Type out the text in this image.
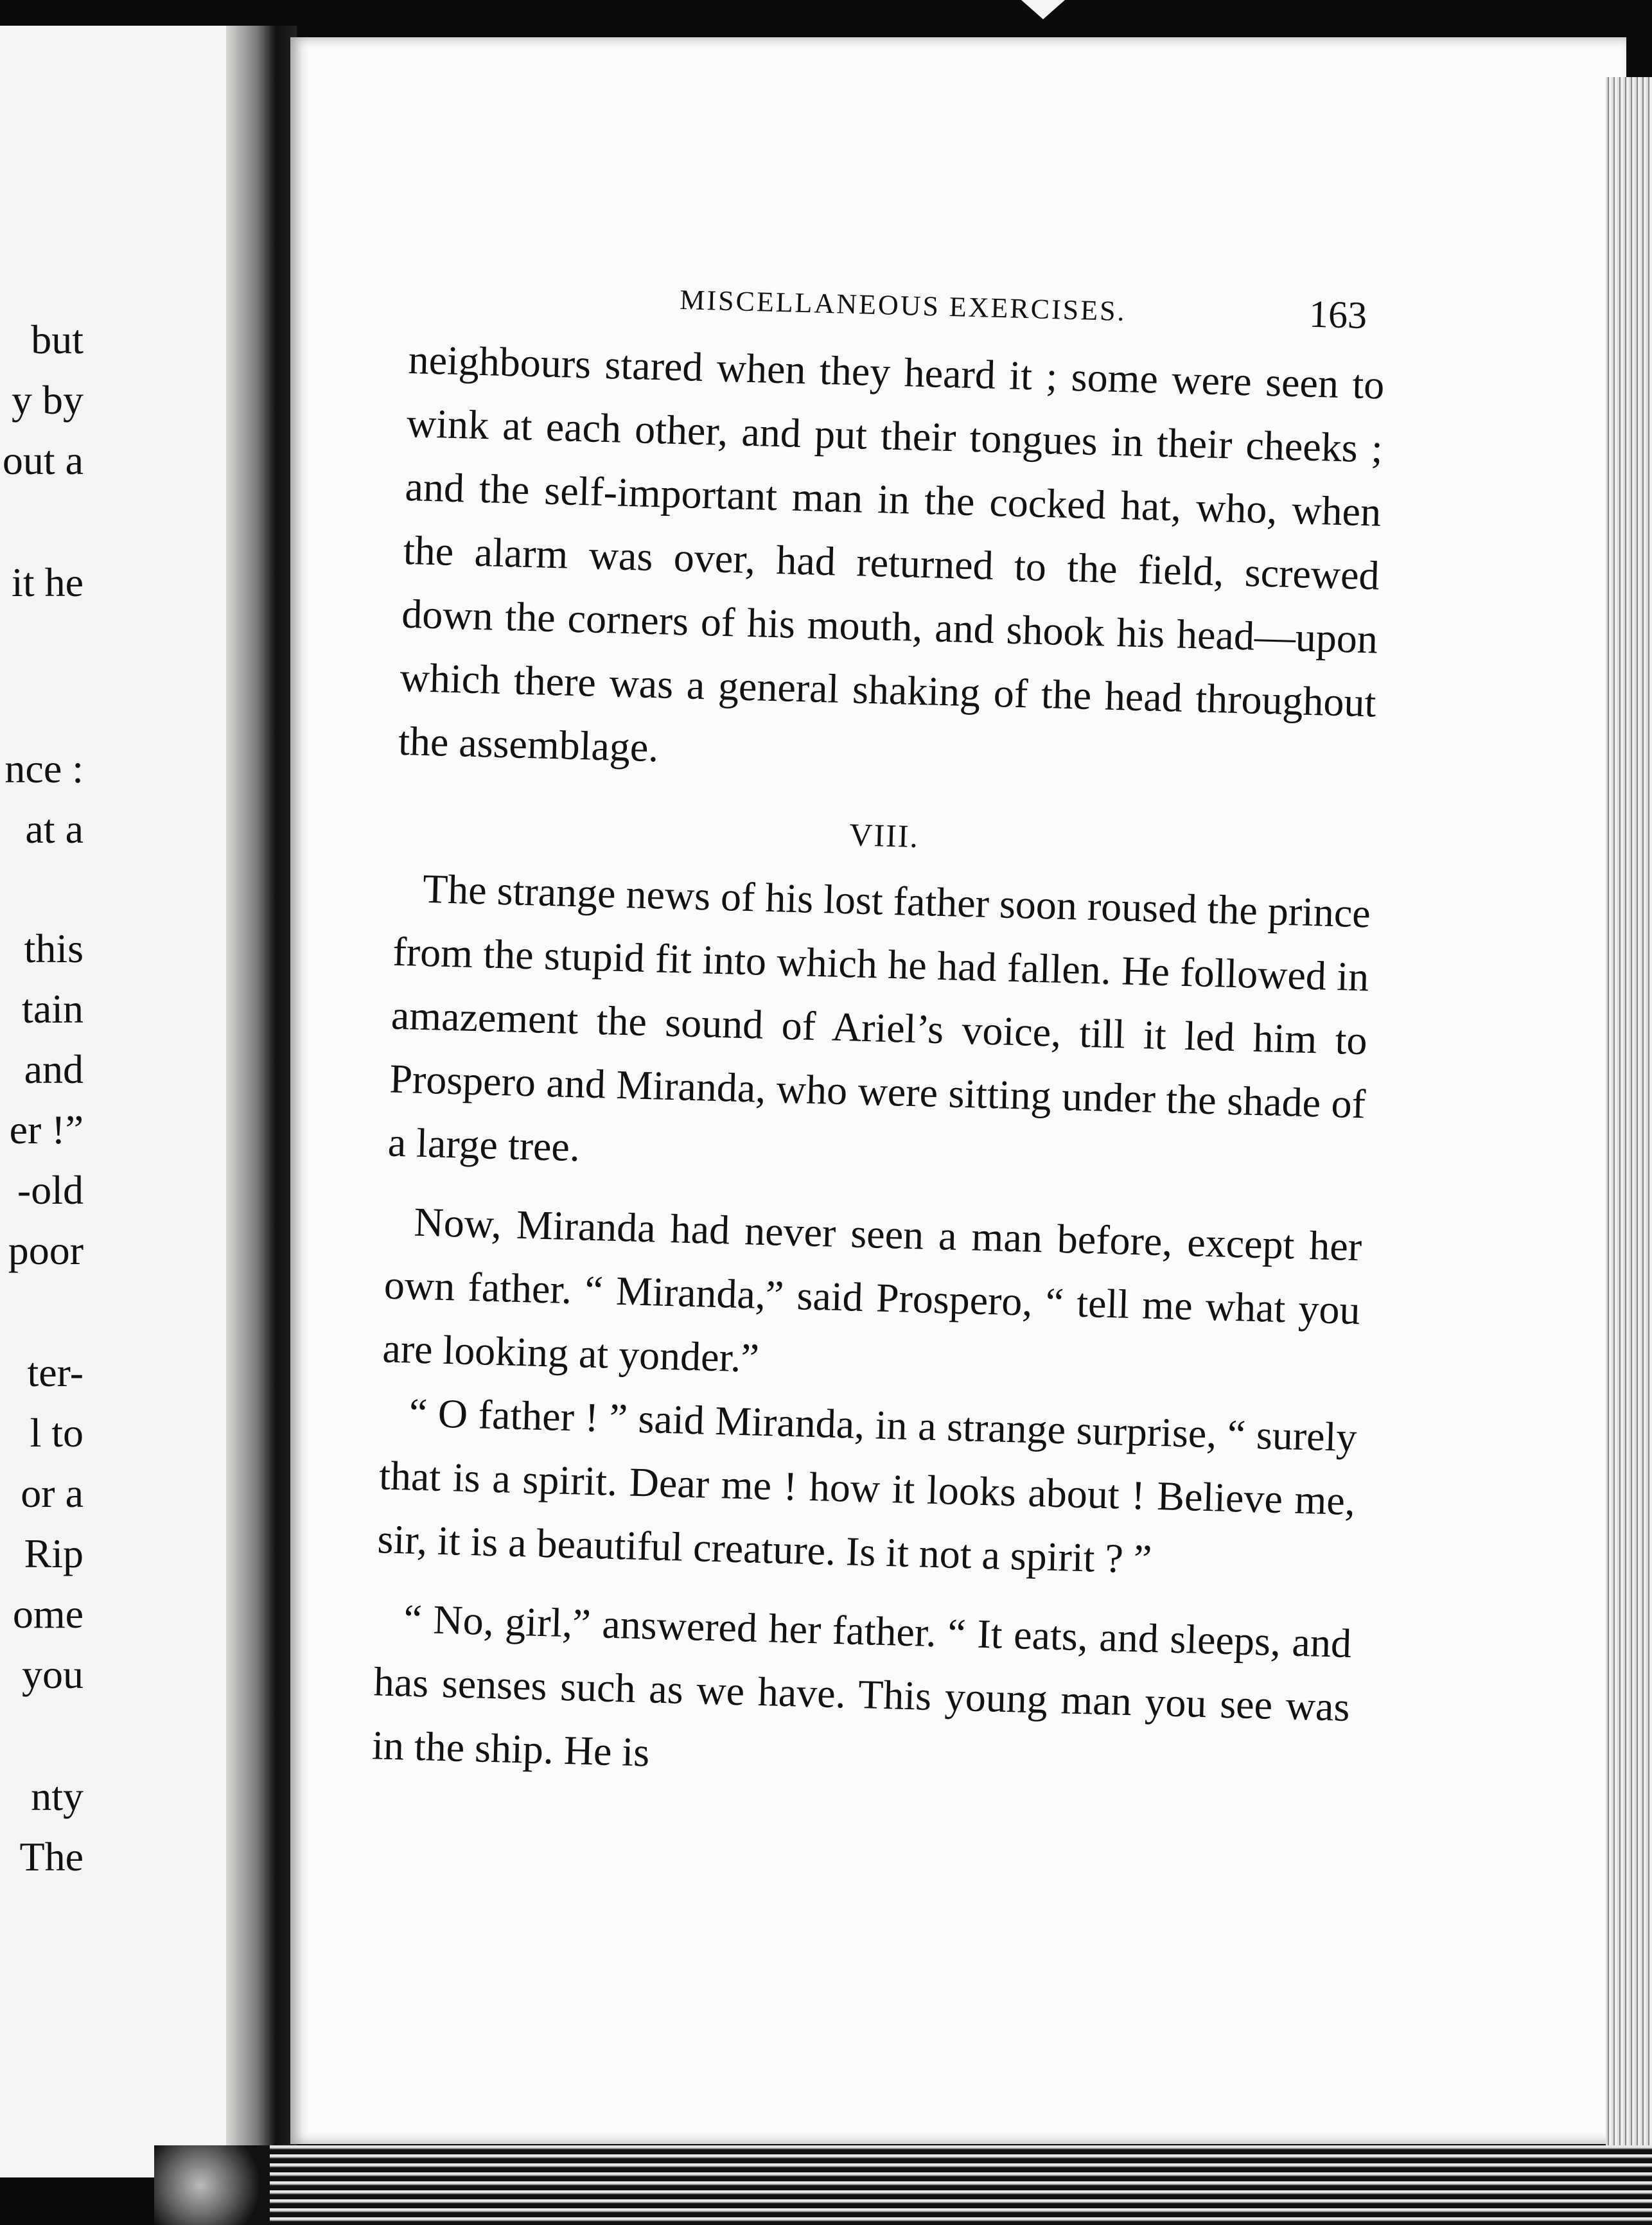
but
y by
out a
it he
nce :
at a
this
tain
and
er !”
-old
poor
ter-
l to
or a
Rip
ome
you
nty
The
MISCELLANEOUS EXERCISES.	163

neighbours stared when they heard it ; some were seen to wink at each other, and put their tongues in their cheeks ; and the self-important man in the cocked hat, who, when the alarm was over, had returned to the field, screwed down the corners of his mouth, and shook his head—upon which there was a general shaking of the head throughout the assemblage.

VIII.

The strange news of his lost father soon roused the prince from the stupid fit into which he had fallen. He followed in amazement the sound of Ariel’s voice, till it led him to Prospero and Miranda, who were sitting under the shade of a large tree.

Now, Miranda had never seen a man before, except her own father. “ Miranda,” said Prospero, “ tell me what you are looking at yonder.”

“ O father ! ” said Miranda, in a strange surprise, “ surely that is a spirit. Dear me ! how it looks about ! Believe me, sir, it is a beautiful creature. Is it not a spirit ? ”

“ No, girl,” answered her father. “ It eats, and sleeps, and has senses such as we have. This young man you see was in the ship. He is
